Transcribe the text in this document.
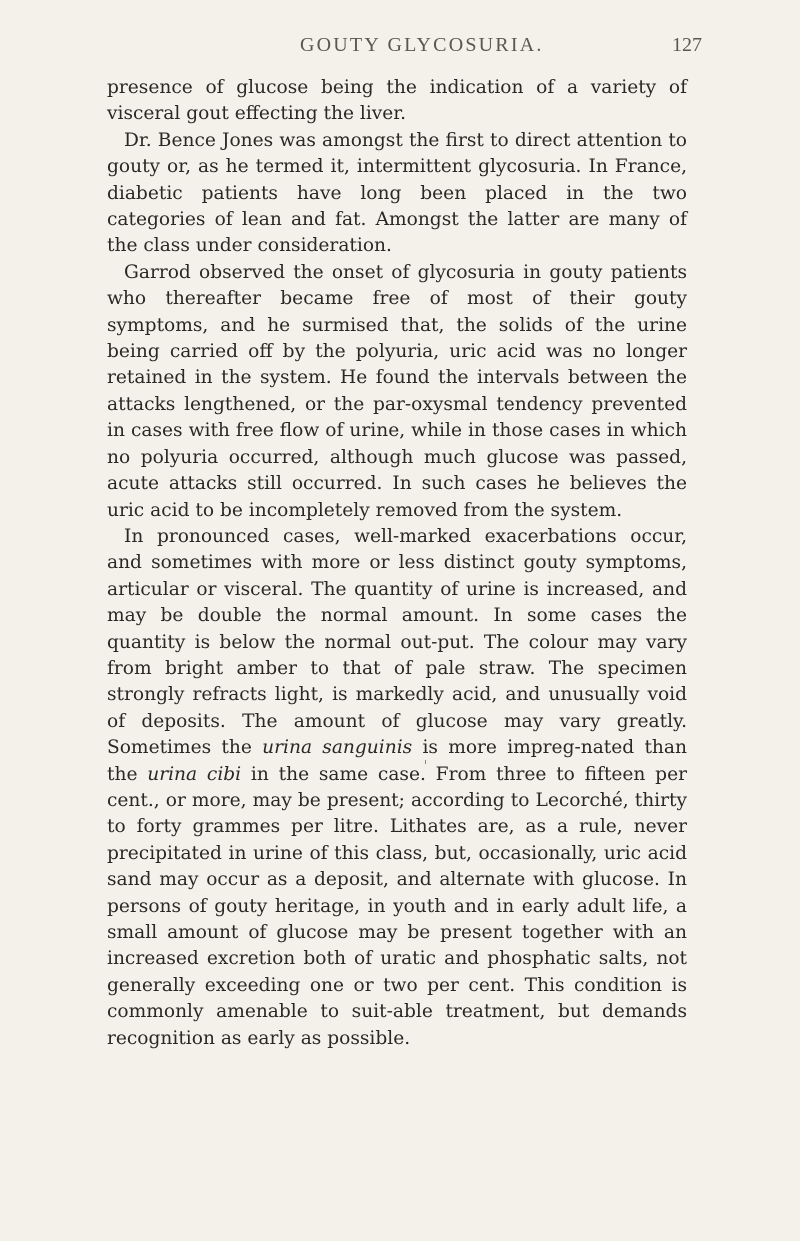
GOUTY GLYCOSURIA.	127

presence of glucose being the indication of a variety of visceral gout effecting the liver.

Dr. Bence Jones was amongst the first to direct attention to gouty or, as he termed it, intermittent glycosuria. In France, diabetic patients have long been placed in the two categories of lean and fat. Amongst the latter are many of the class under consideration.

Garrod observed the onset of glycosuria in gouty patients who thereafter became free of most of their gouty symptoms, and he surmised that, the solids of the urine being carried off by the polyuria, uric acid was no longer retained in the system. He found the intervals between the attacks lengthened, or the par-oxysmal tendency prevented in cases with free flow of urine, while in those cases in which no polyuria occurred, although much glucose was passed, acute attacks still occurred. In such cases he believes the uric acid to be incompletely removed from the system.

In pronounced cases, well-marked exacerbations occur, and sometimes with more or less distinct gouty symptoms, articular or visceral. The quantity of urine is increased, and may be double the normal amount. In some cases the quantity is below the normal out-put. The colour may vary from bright amber to that of pale straw. The specimen strongly refracts light, is markedly acid, and unusually void of deposits. The amount of glucose may vary greatly. Sometimes the urina sanguinis is more impreg-nated than the urina cibi in the same case. From three to fifteen per cent., or more, may be present; according to Lecorché, thirty to forty grammes per litre. Lithates are, as a rule, never precipitated in urine of this class, but, occasionally, uric acid sand may occur as a deposit, and alternate with glucose. In persons of gouty heritage, in youth and in early adult life, a small amount of glucose may be present together with an increased excretion both of uratic and phosphatic salts, not generally exceeding one or two per cent. This condition is commonly amenable to suit-able treatment, but demands recognition as early as possible.
